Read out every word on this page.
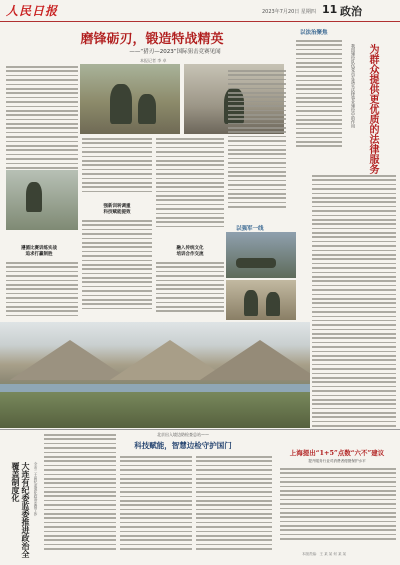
人民日报	2023年7月20日 星期四 11 政治
磨锋砺刃，锻造特战精英
——“猎刃—2023”国际狙击竞赛见闻
本报记者 李 卓
遵循比赛训练实战
追求打赢制胜
强新训转调重
科技赋能提效
融入传统文化
培训合作交流
以强军一线
以法治聚焦
为群众提供更优质的法律服务
我国建设队伍党员在落实法律事业建设中的作用
大连有纪委监委推进政治全覆盖制度化	全市二十届纪委深化政治监督工作
北京出入境边防检查总站——
科技赋能，智慧边检守护国门
上海提出“1+5”点数“六不”建议
提升服务行业对消费者便捷保护水平
本版责编：王 某 某 何 某 某
